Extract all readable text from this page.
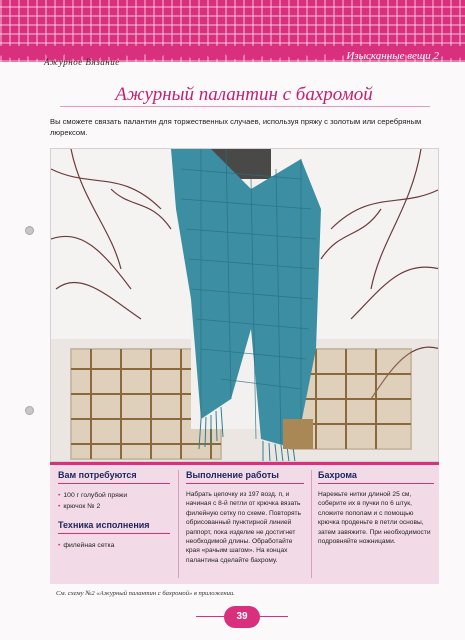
Ажурное Вязание	Изысканные вещи 2
Ажурный палантин с бахромой
Вы сможете связать палантин для торжественных случаев, используя пряжу с золотым или серебряным люрексом.
Вам потребуются
• 100 г голубой пряжи
• крючок № 2
Техника исполнения
• филейная сетка
Выполнение работы
Набрать цепочку из 197 возд. п, и начиная с 8-й петли от крючка вязать филейную сетку по схеме. Повторять обрисованный пунктирной линией раппорт, пока изделие не достигнет необходимой длины. Обработайте края «рачьим шагом». На концах палантина сделайте бахрому.
Бахрома
Нарежьте нитки длиной 25 см, соберите их в пучки по 6 штук, сложите пополам и с помощью крючка проденьте в петли основы, затем завяжите. При необходимости подровняйте ножницами.
См. схему №2 «Ажурный палантин с бахромой» в приложении.
39
